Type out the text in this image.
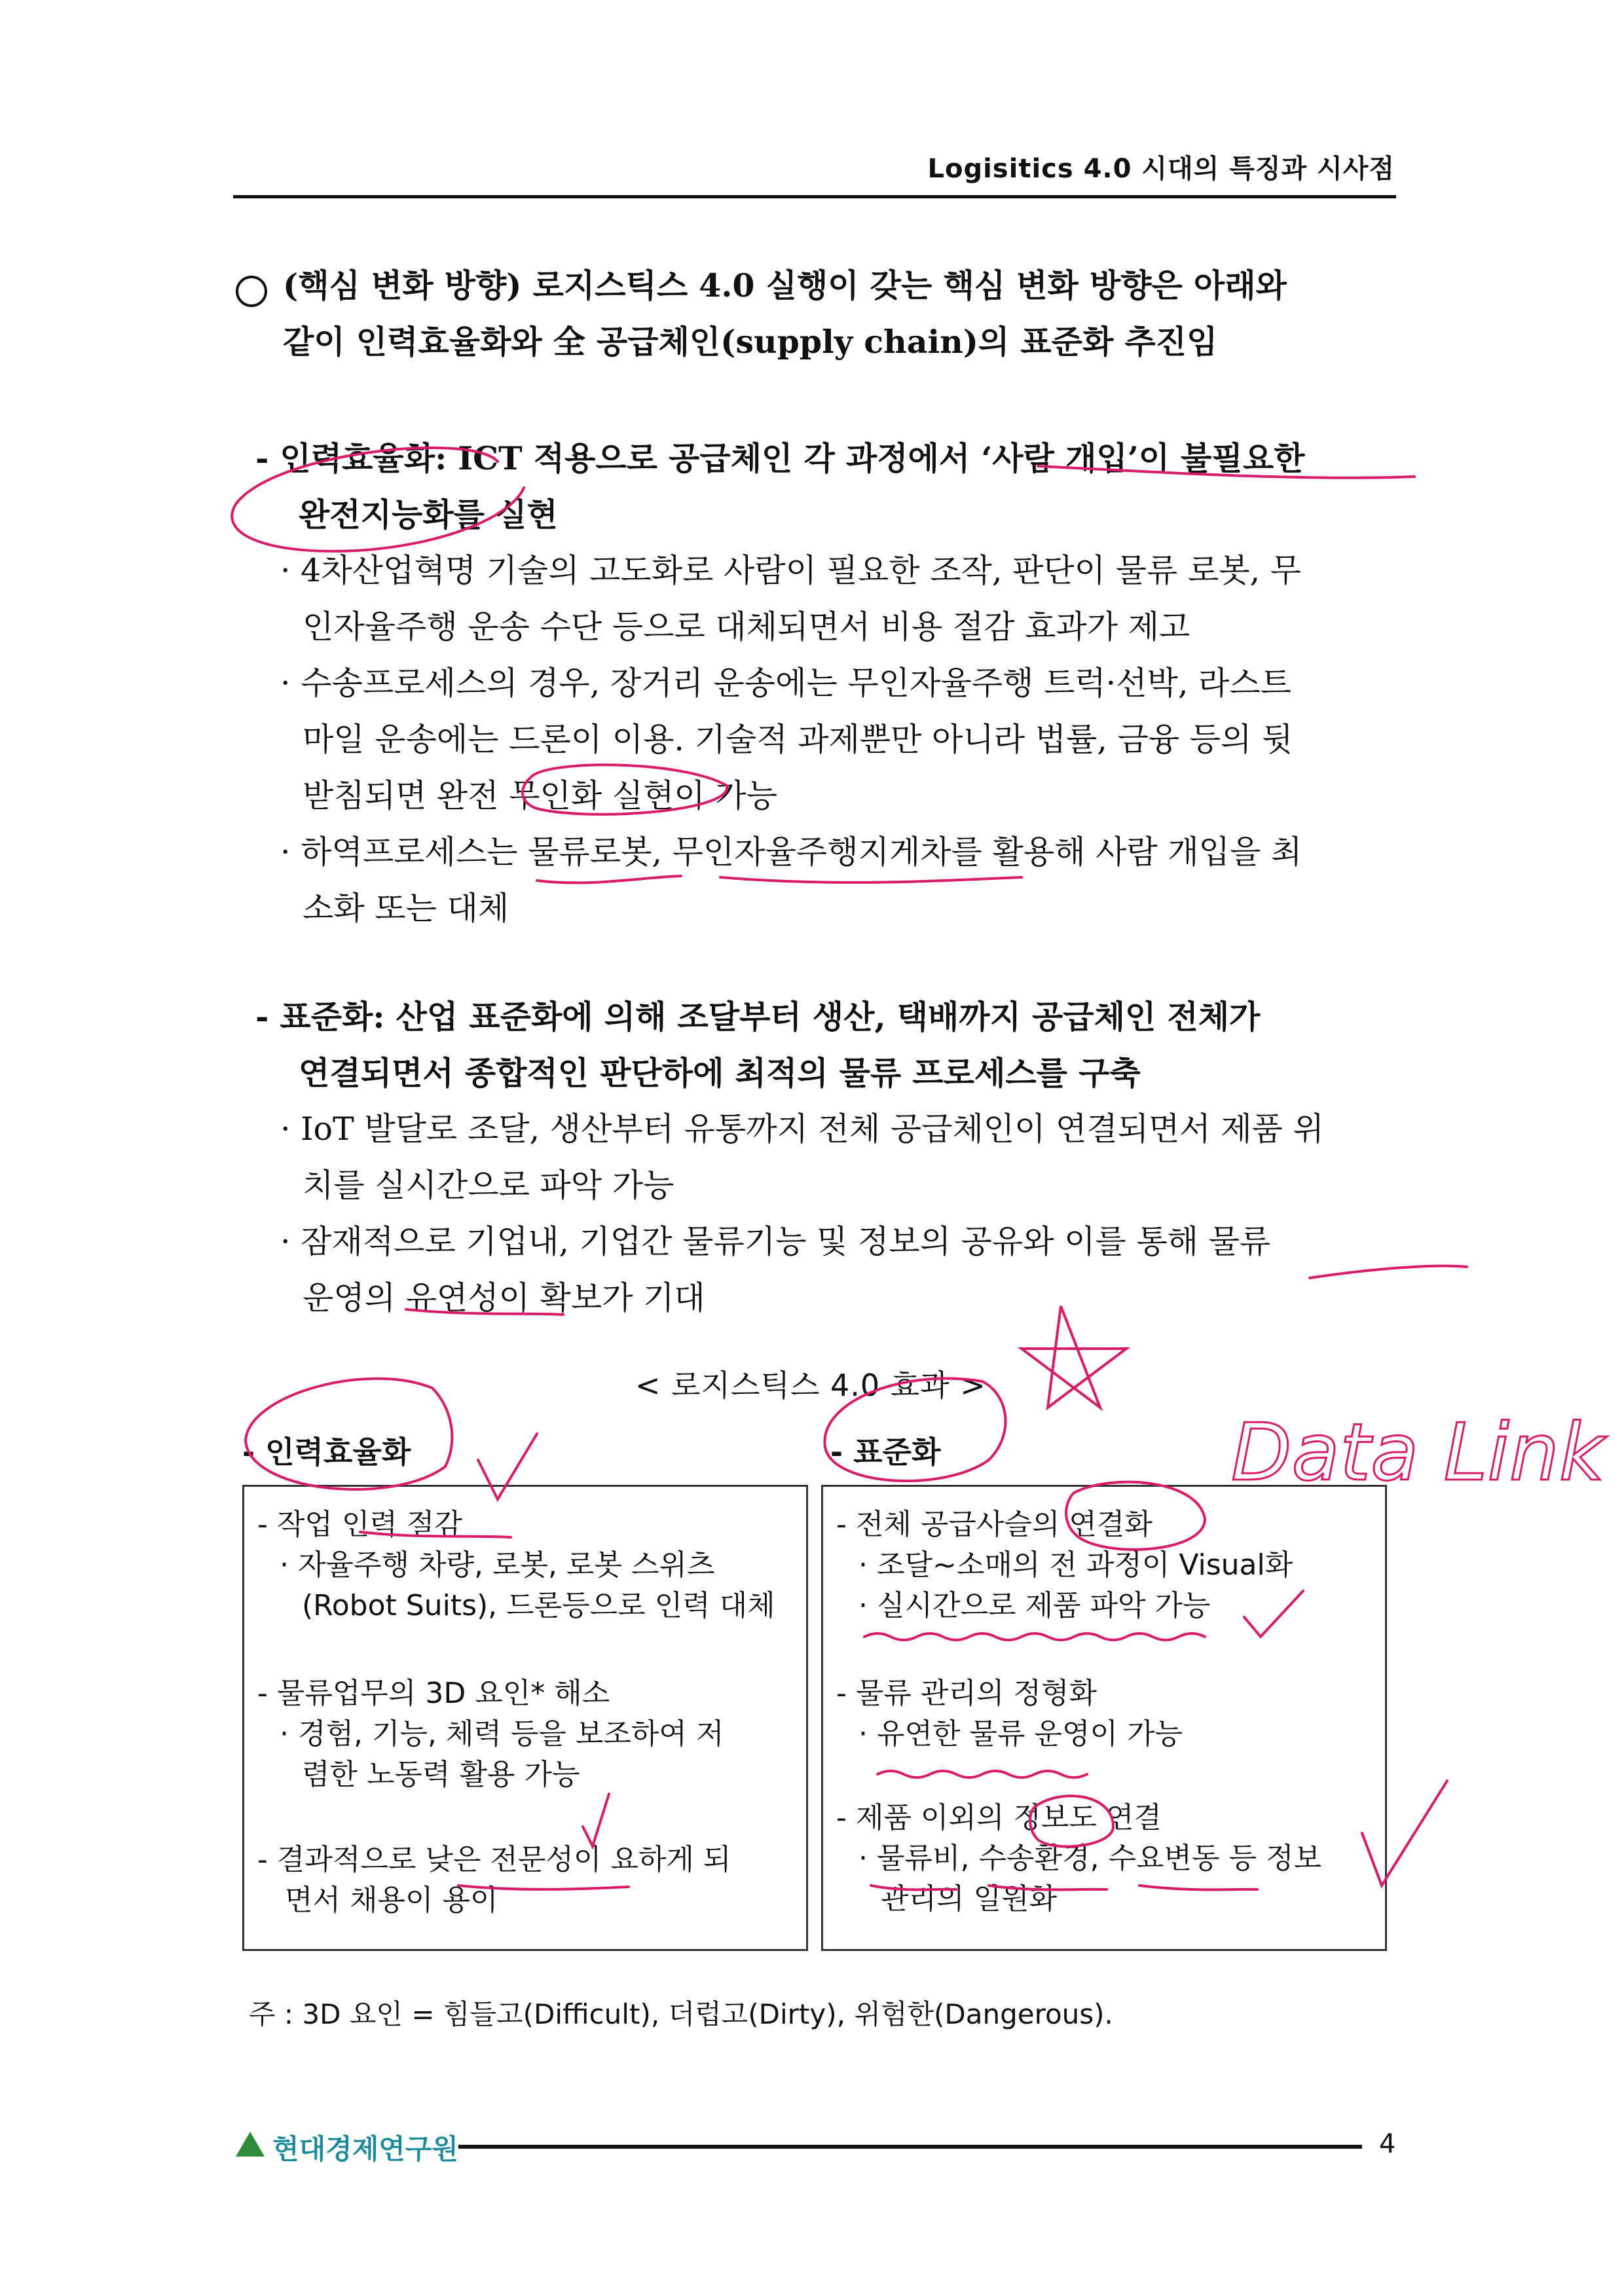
Logisitics 4.0 시대의 특징과 시사점
(핵심 변화 방향) 로지스틱스 4.0 실행이 갖는 핵심 변화 방향은 아래와
같이 인력효율화와 全 공급체인(supply chain)의 표준화 추진임
- 인력효율화: ICT 적용으로 공급체인 각 과정에서 ‘사람 개입’이 불필요한
완전지능화를 실현
· 4차산업혁명 기술의 고도화로 사람이 필요한 조작, 판단이 물류 로봇, 무
인자율주행 운송 수단 등으로 대체되면서 비용 절감 효과가 제고
· 수송프로세스의 경우, 장거리 운송에는 무인자율주행 트럭·선박, 라스트
마일 운송에는 드론이 이용. 기술적 과제뿐만 아니라 법률, 금융 등의 뒷
받침되면 완전 무인화 실현이 가능
· 하역프로세스는 물류로봇, 무인자율주행지게차를 활용해 사람 개입을 최
소화 또는 대체
- 표준화: 산업 표준화에 의해 조달부터 생산, 택배까지 공급체인 전체가
연결되면서 종합적인 판단하에 최적의 물류 프로세스를 구축
· IoT 발달로 조달, 생산부터 유통까지 전체 공급체인이 연결되면서 제품 위
치를 실시간으로 파악 가능
· 잠재적으로 기업내, 기업간 물류기능 및 정보의 공유와 이를 통해 물류
운영의 유연성이 확보가 기대
< 로지스틱스 4.0 효과 >
- 인력효율화	- 표준화
- 작업 인력 절감
· 자율주행 차량, 로봇, 로봇 스위츠
(Robot Suits), 드론등으로 인력 대체
- 물류업무의 3D 요인* 해소
· 경험, 기능, 체력 등을 보조하여 저
렴한 노동력 활용 가능
- 결과적으로 낮은 전문성이 요하게 되
면서 채용이 용이
- 전체 공급사슬의 연결화
· 조달~소매의 전 과정이 Visual화
· 실시간으로 제품 파악 가능
- 물류 관리의 정형화
· 유연한 물류 운영이 가능
- 제품 이외의 정보도 연결
· 물류비, 수송환경, 수요변동 등 정보
관리의 일원화
주 : 3D 요인 = 힘들고(Difficult), 더럽고(Dirty), 위험한(Dangerous).
Data Link
현대경제연구원	4
